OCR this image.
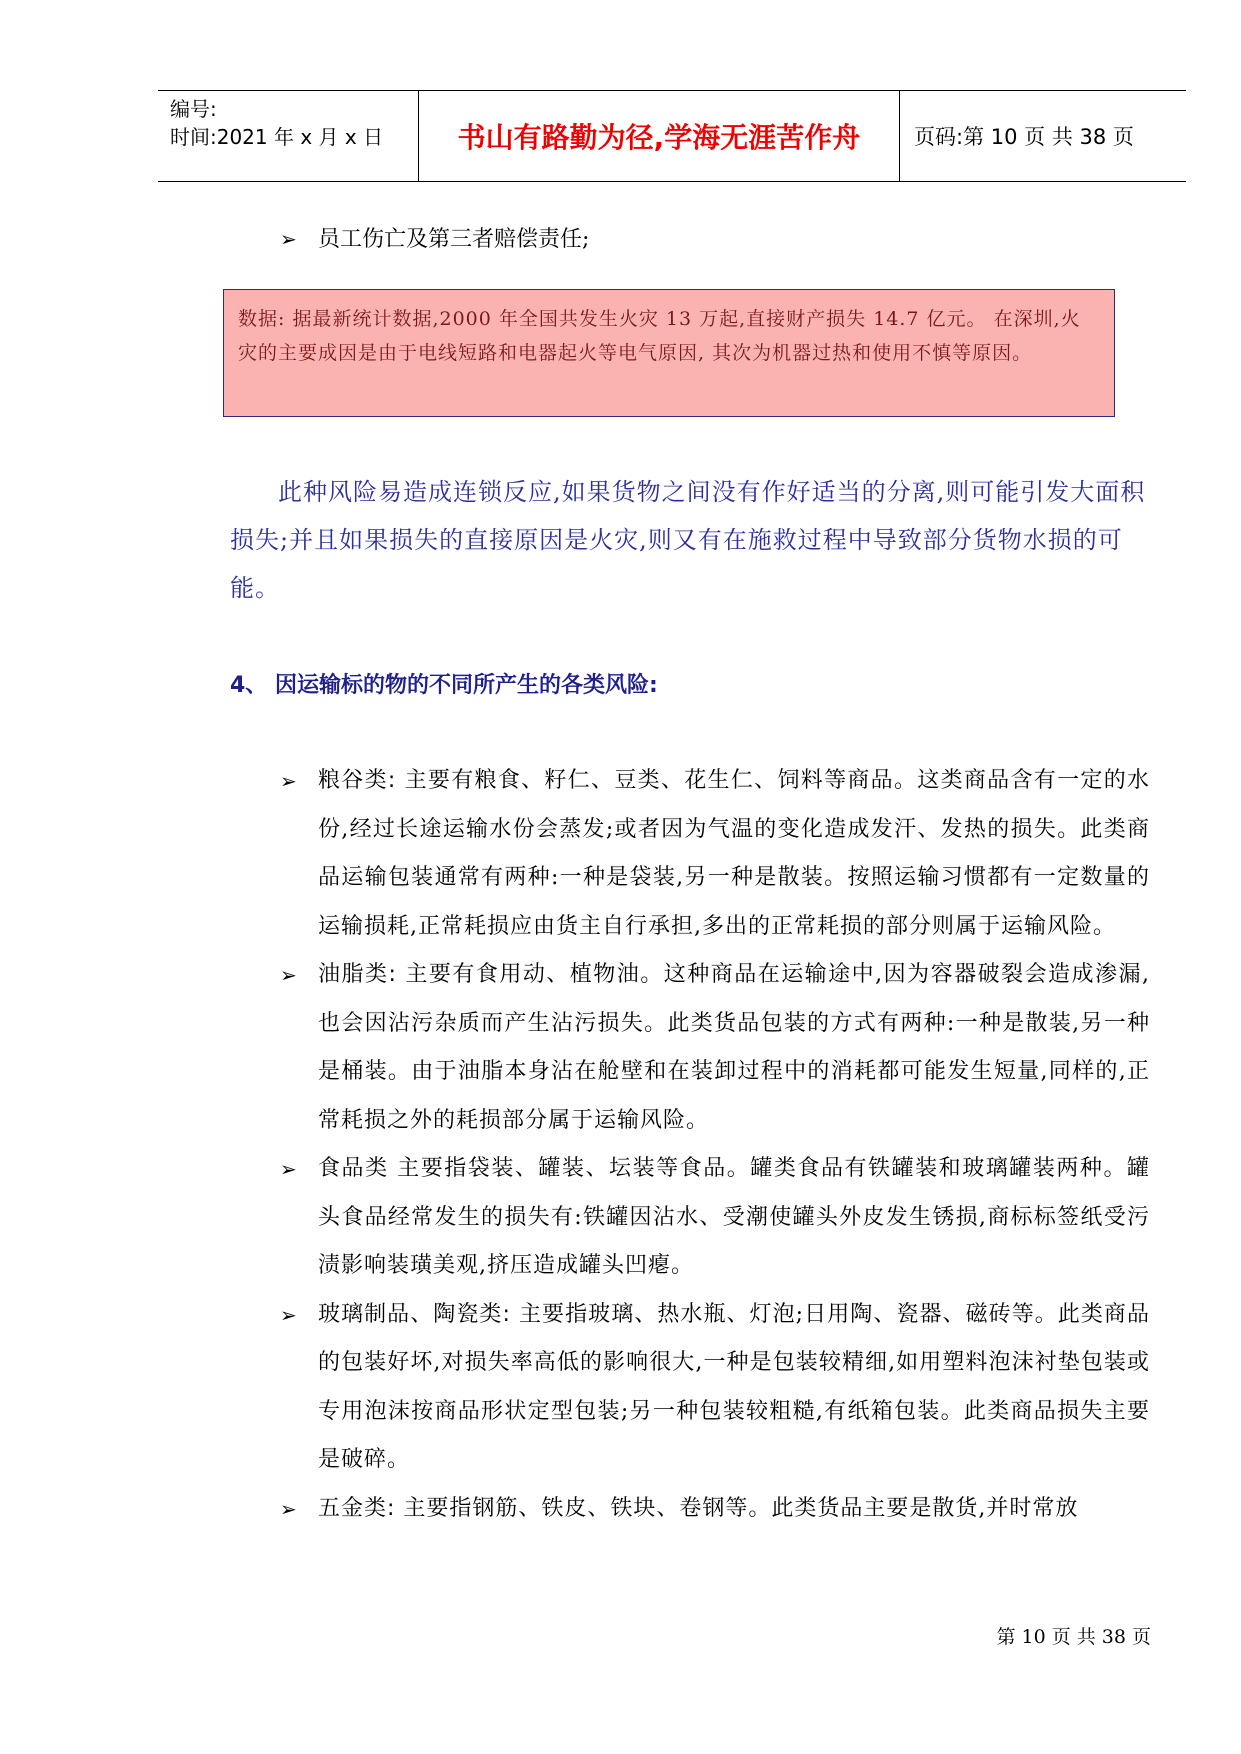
编号:
时间:2021 年 x 月 x 日	书山有路勤为径,学海无涯苦作舟	页码:第 10 页 共 38 页
➢ 员工伤亡及第三者赔偿责任;
数据: 据最新统计数据,2000 年全国共发生火灾 13 万起,直接财产损失 14.7 亿元。 在深圳,火灾的主要成因是由于电线短路和电器起火等电气原因, 其次为机器过热和使用不慎等原因。
此种风险易造成连锁反应,如果货物之间没有作好适当的分离,则可能引发大面积损失;并且如果损失的直接原因是火灾,则又有在施救过程中导致部分货物水损的可能。
4、 因运输标的物的不同所产生的各类风险:
➢ 粮谷类: 主要有粮食、籽仁、豆类、花生仁、饲料等商品。这类商品含有一定的水份,经过长途运输水份会蒸发;或者因为气温的变化造成发汗、发热的损失。此类商品运输包装通常有两种:一种是袋装,另一种是散装。按照运输习惯都有一定数量的运输损耗,正常耗损应由货主自行承担,多出的正常耗损的部分则属于运输风险。
➢ 油脂类: 主要有食用动、植物油。这种商品在运输途中,因为容器破裂会造成渗漏,也会因沾污杂质而产生沾污损失。此类货品包装的方式有两种:一种是散装,另一种是桶装。由于油脂本身沾在舱壁和在装卸过程中的消耗都可能发生短量,同样的,正常耗损之外的耗损部分属于运输风险。
➢ 食品类 主要指袋装、罐装、坛装等食品。罐类食品有铁罐装和玻璃罐装两种。罐头食品经常发生的损失有:铁罐因沾水、受潮使罐头外皮发生锈损,商标标签纸受污渍影响装璜美观,挤压造成罐头凹瘪。
➢ 玻璃制品、陶瓷类: 主要指玻璃、热水瓶、灯泡;日用陶、瓷器、磁砖等。此类商品的包装好坏,对损失率高低的影响很大,一种是包装较精细,如用塑料泡沫衬垫包装或专用泡沫按商品形状定型包装;另一种包装较粗糙,有纸箱包装。此类商品损失主要是破碎。
➢ 五金类: 主要指钢筋、铁皮、铁块、卷钢等。此类货品主要是散货,并时常放
第 10 页 共 38 页
